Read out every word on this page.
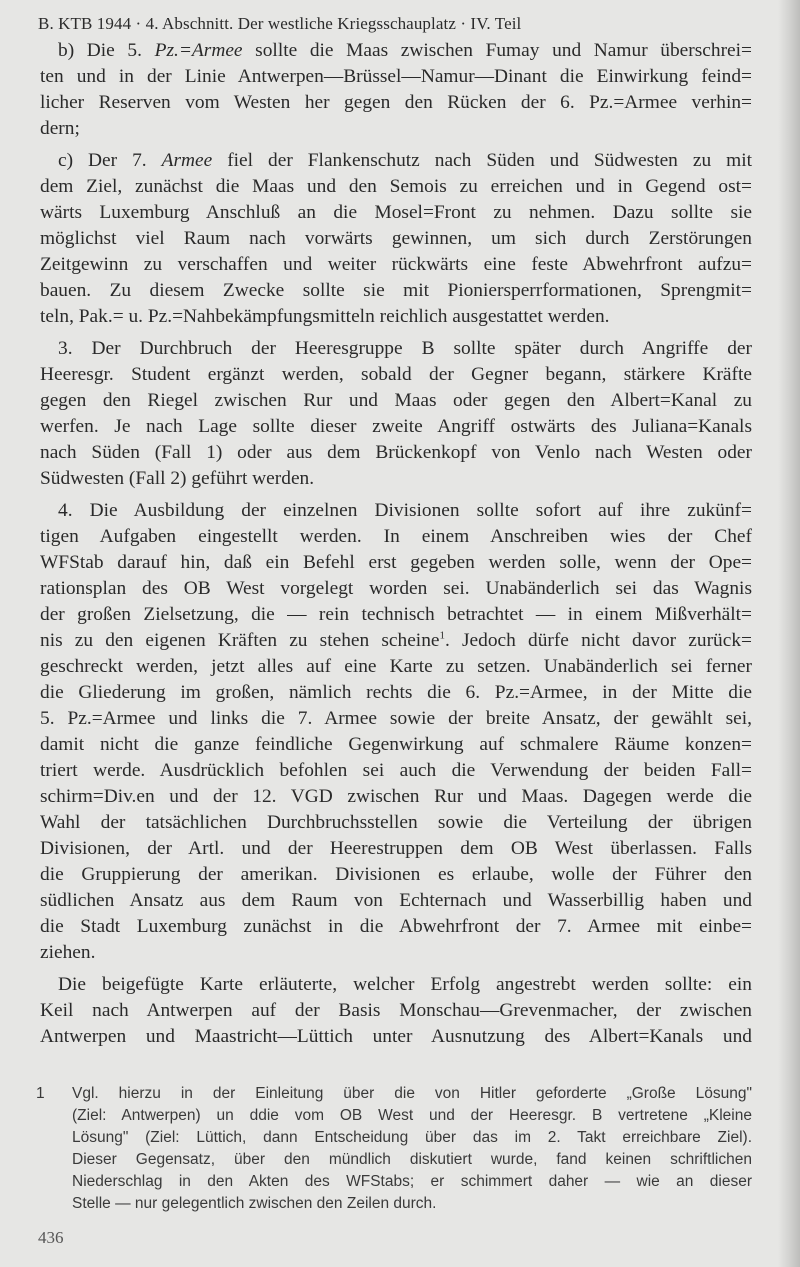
B. KTB 1944 · 4. Abschnitt. Der westliche Kriegsschauplatz · IV. Teil
b) Die 5. Pz.=Armee sollte die Maas zwischen Fumay und Namur überschrei=
ten und in der Linie Antwerpen—Brüssel—Namur—Dinant die Einwirkung feind=
licher Reserven vom Westen her gegen den Rücken der 6. Pz.=Armee verhin=
dern;
c) Der 7. Armee fiel der Flankenschutz nach Süden und Südwesten zu mit
dem Ziel, zunächst die Maas und den Semois zu erreichen und in Gegend ost=
wärts Luxemburg Anschluß an die Mosel=Front zu nehmen. Dazu sollte sie
möglichst viel Raum nach vorwärts gewinnen, um sich durch Zerstörungen
Zeitgewinn zu verschaffen und weiter rückwärts eine feste Abwehrfront aufzu=
bauen. Zu diesem Zwecke sollte sie mit Pioniersperrformationen, Sprengmit=
teln, Pak.= u. Pz.=Nahbekämpfungsmitteln reichlich ausgestattet werden.
3. Der Durchbruch der Heeresgruppe B sollte später durch Angriffe der
Heeresgr. Student ergänzt werden, sobald der Gegner begann, stärkere Kräfte
gegen den Riegel zwischen Rur und Maas oder gegen den Albert=Kanal zu
werfen. Je nach Lage sollte dieser zweite Angriff ostwärts des Juliana=Kanals
nach Süden (Fall 1) oder aus dem Brückenkopf von Venlo nach Westen oder
Südwesten (Fall 2) geführt werden.
4. Die Ausbildung der einzelnen Divisionen sollte sofort auf ihre zukünf=
tigen Aufgaben eingestellt werden. In einem Anschreiben wies der Chef
WFStab darauf hin, daß ein Befehl erst gegeben werden solle, wenn der Ope=
rationsplan des OB West vorgelegt worden sei. Unabänderlich sei das Wagnis
der großen Zielsetzung, die — rein technisch betrachtet — in einem Mißverhält=
nis zu den eigenen Kräften zu stehen scheine$^1$. Jedoch dürfe nicht davor zurück=
geschreckt werden, jetzt alles auf eine Karte zu setzen. Unabänderlich sei ferner
die Gliederung im großen, nämlich rechts die 6. Pz.=Armee, in der Mitte die
5. Pz.=Armee und links die 7. Armee sowie der breite Ansatz, der gewählt sei,
damit nicht die ganze feindliche Gegenwirkung auf schmalere Räume konzen=
triert werde. Ausdrücklich befohlen sei auch die Verwendung der beiden Fall=
schirm=Div.en und der 12. VGD zwischen Rur und Maas. Dagegen werde die
Wahl der tatsächlichen Durchbruchsstellen sowie die Verteilung der übrigen
Divisionen, der Artl. und der Heerestruppen dem OB West überlassen. Falls
die Gruppierung der amerikan. Divisionen es erlaube, wolle der Führer den
südlichen Ansatz aus dem Raum von Echternach und Wasserbillig haben und
die Stadt Luxemburg zunächst in die Abwehrfront der 7. Armee mit einbe=
ziehen.
Die beigefügte Karte erläuterte, welcher Erfolg angestrebt werden sollte: ein
Keil nach Antwerpen auf der Basis Monschau—Grevenmacher, der zwischen
Antwerpen und Maastricht—Lüttich unter Ausnutzung des Albert=Kanals und
1 Vgl. hierzu in der Einleitung über die von Hitler geforderte „Große Lösung"
(Ziel: Antwerpen) un ddie vom OB West und der Heeresgr. B vertretene „Kleine
Lösung" (Ziel: Lüttich, dann Entscheidung über das im 2. Takt erreichbare Ziel).
Dieser Gegensatz, über den mündlich diskutiert wurde, fand keinen schriftlichen
Niederschlag in den Akten des WFStabs; er schimmert daher — wie an dieser
Stelle — nur gelegentlich zwischen den Zeilen durch.
436
